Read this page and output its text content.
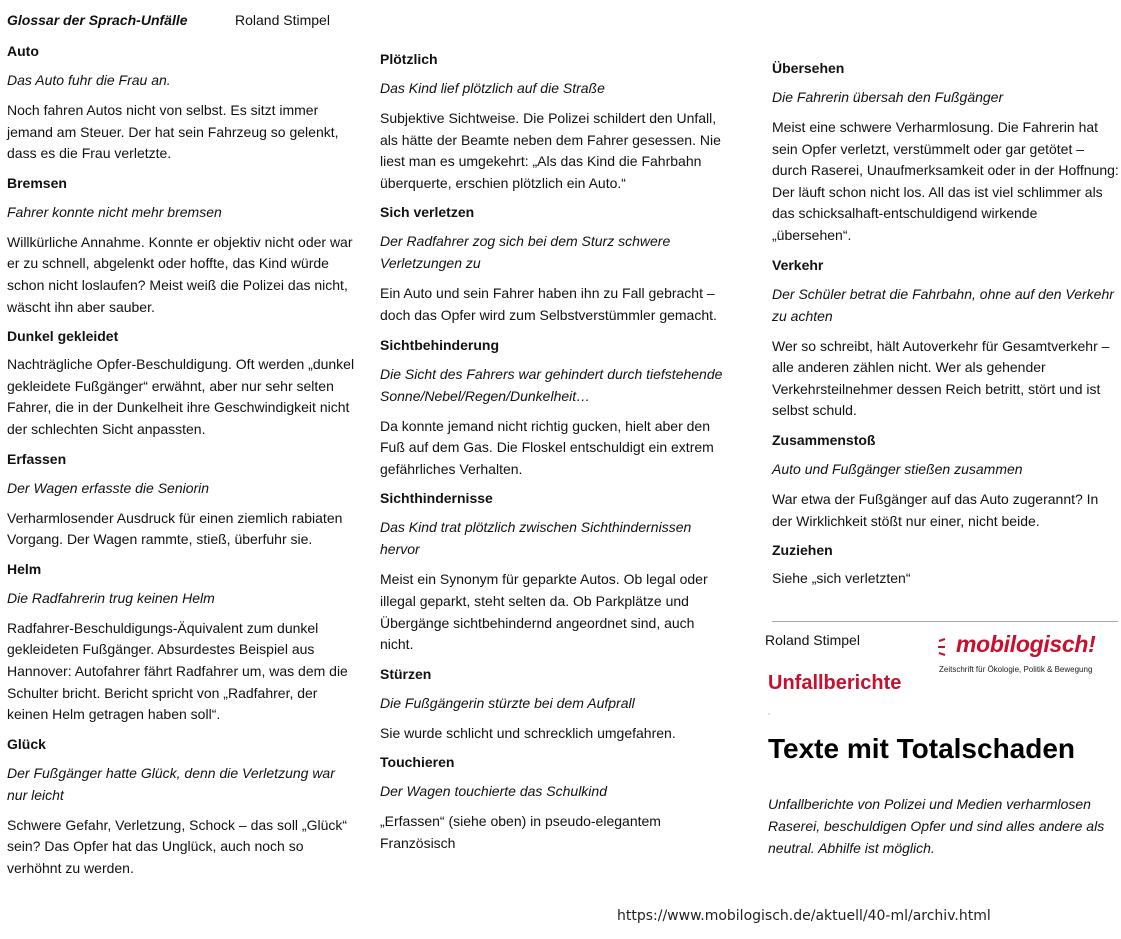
Glossar der Sprach-Unfälle	Roland Stimpel
Auto

Das Auto fuhr die Frau an.

Noch fahren Autos nicht von selbst. Es sitzt immer jemand am Steuer. Der hat sein Fahrzeug so gelenkt, dass es die Frau verletzte.

Bremsen

Fahrer konnte nicht mehr bremsen

Willkürliche Annahme. Konnte er objektiv nicht oder war er zu schnell, abgelenkt oder hoffte, das Kind würde schon nicht loslaufen? Meist weiß die Polizei das nicht, wäscht ihn aber sauber.

Dunkel gekleidet

Nachträgliche Opfer-Beschuldigung. Oft werden „dunkel gekleidete Fußgänger“ erwähnt, aber nur sehr selten Fahrer, die in der Dunkelheit ihre Geschwindigkeit nicht der schlechten Sicht anpassten.

Erfassen

Der Wagen erfasste die Seniorin

Verharmlosender Ausdruck für einen ziemlich rabiaten Vorgang. Der Wagen rammte, stieß, überfuhr sie.

Helm

Die Radfahrerin trug keinen Helm

Radfahrer-Beschuldigungs-Äquivalent zum dunkel gekleideten Fußgänger. Absurdestes Beispiel aus Hannover: Autofahrer fährt Radfahrer um, was dem die Schulter bricht. Bericht spricht von „Radfahrer, der keinen Helm getragen haben soll“.

Glück

Der Fußgänger hatte Glück, denn die Verletzung war nur leicht

Schwere Gefahr, Verletzung, Schock – das soll „Glück“ sein? Das Opfer hat das Unglück, auch noch so verhöhnt zu werden.

Plötzlich

Das Kind lief plötzlich auf die Straße

Subjektive Sichtweise. Die Polizei schildert den Unfall, als hätte der Beamte neben dem Fahrer gesessen. Nie liest man es umgekehrt: „Als das Kind die Fahrbahn überquerte, erschien plötzlich ein Auto.“

Sich verletzen

Der Radfahrer zog sich bei dem Sturz schwere Verletzungen zu

Ein Auto und sein Fahrer haben ihn zu Fall gebracht – doch das Opfer wird zum Selbstverstümmler gemacht.

Sichtbehinderung

Die Sicht des Fahrers war gehindert durch tiefstehende Sonne/Nebel/Regen/Dunkelheit…

Da konnte jemand nicht richtig gucken, hielt aber den Fuß auf dem Gas. Die Floskel entschuldigt ein extrem gefährliches Verhalten.

Sichthindernisse

Das Kind trat plötzlich zwischen Sichthindernissen hervor

Meist ein Synonym für geparkte Autos. Ob legal oder illegal geparkt, steht selten da. Ob Parkplätze und Übergänge sichtbehindernd angeordnet sind, auch nicht.

Stürzen

Die Fußgängerin stürzte bei dem Aufprall

Sie wurde schlicht und schrecklich umgefahren.

Touchieren

Der Wagen touchierte das Schulkind

„Erfassen“ (siehe oben) in pseudo-elegantem Französisch

Übersehen

Die Fahrerin übersah den Fußgänger

Meist eine schwere Verharmlosung. Die Fahrerin hat sein Opfer verletzt, verstümmelt oder gar getötet – durch Raserei, Unaufmerksamkeit oder in der Hoffnung: Der läuft schon nicht los. All das ist viel schlimmer als das schicksalhaft-entschuldigend wirkende „übersehen“.

Verkehr

Der Schüler betrat die Fahrbahn, ohne auf den Verkehr zu achten

Wer so schreibt, hält Autoverkehr für Gesamtverkehr – alle anderen zählen nicht. Wer als gehender Verkehrsteilnehmer dessen Reich betritt, stört und ist selbst schuld.

Zusammenstoß

Auto und Fußgänger stießen zusammen

War etwa der Fußgänger auf das Auto zugerannt? In der Wirklichkeit stößt nur einer, nicht beide.

Zuziehen

Siehe „sich verletzten“

Roland Stimpel	mobilogisch!
Zeitschrift für Ökologie, Politik & Bewegung
Unfallberichte
▫
Texte mit Totalschaden

Unfallberichte von Polizei und Medien verharmlosen Raserei, beschuldigen Opfer und sind alles andere als neutral. Abhilfe ist möglich.

https://www.mobilogisch.de/aktuell/40-ml/archiv.html
